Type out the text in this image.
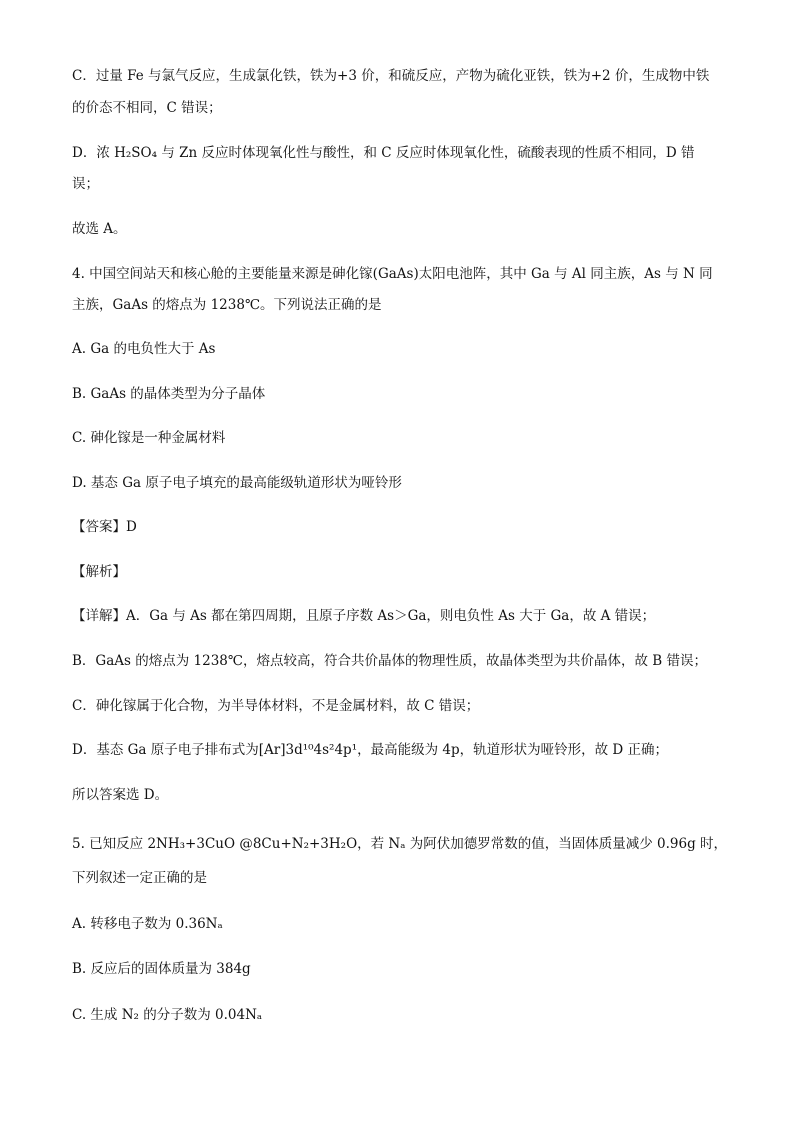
C．过量 Fe 与氯气反应，生成氯化铁，铁为+3 价，和硫反应，产物为硫化亚铁，铁为+2 价，生成物中铁
的价态不相同，C 错误；
D．浓 H₂SO₄ 与 Zn 反应时体现氧化性与酸性，和 C 反应时体现氧化性，硫酸表现的性质不相同，D 错
误；
故选 A。
4. 中国空间站天和核心舱的主要能量来源是砷化镓(GaAs)太阳电池阵，其中 Ga 与 Al 同主族，As 与 N 同
主族，GaAs 的熔点为 1238℃。下列说法正确的是
A. Ga 的电负性大于 As
B. GaAs 的晶体类型为分子晶体
C. 砷化镓是一种金属材料
D. 基态 Ga 原子电子填充的最高能级轨道形状为哑铃形
【答案】D
【解析】
【详解】A．Ga 与 As 都在第四周期，且原子序数 As＞Ga，则电负性 As 大于 Ga，故 A 错误；
B．GaAs 的熔点为 1238℃，熔点较高，符合共价晶体的物理性质，故晶体类型为共价晶体，故 B 错误；
C．砷化镓属于化合物，为半导体材料，不是金属材料，故 C 错误；
D．基态 Ga 原子电子排布式为[Ar]3d¹⁰4s²4p¹，最高能级为 4p，轨道形状为哑铃形，故 D 正确；
所以答案选 D。
5. 已知反应 2NH₃+3CuO @8Cu+N₂+3H₂O，若 Nₐ 为阿伏加德罗常数的值，当固体质量减少 0.96g 时，
下列叙述一定正确的是
A. 转移电子数为 0.36Nₐ
B. 反应后的固体质量为 384g
C. 生成 N₂ 的分子数为 0.04Nₐ
